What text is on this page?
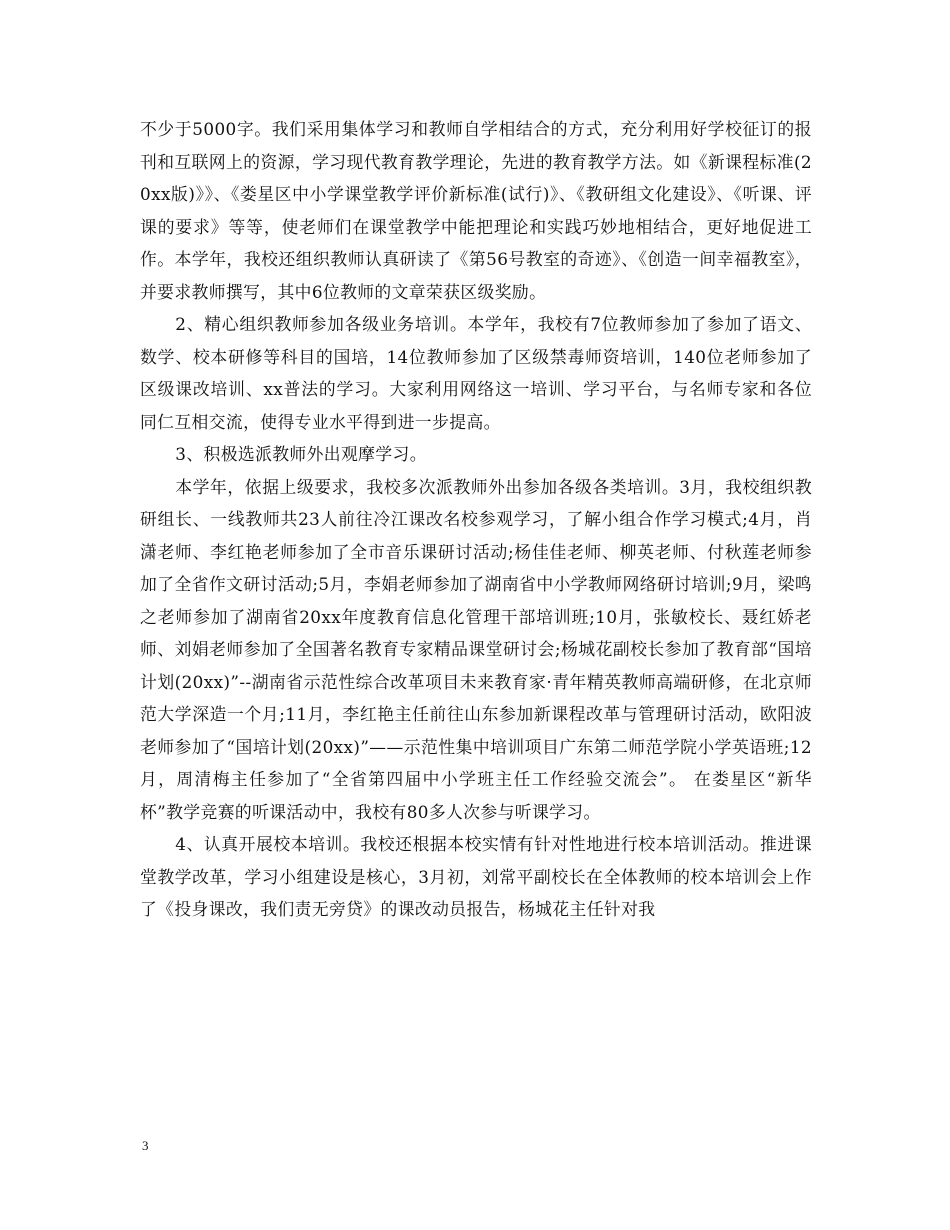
不少于5000字。我们采用集体学习和教师自学相结合的方式，充分利用好学校征订的报刊和互联网上的资源，学习现代教育教学理论，先进的教育教学方法。如《新课程标准(20xx版)》》、《娄星区中小学课堂教学评价新标准(试行)》、《教研组文化建设》、《听课、评课的要求》等等，使老师们在课堂教学中能把理论和实践巧妙地相结合，更好地促进工作。本学年，我校还组织教师认真研读了《第56号教室的奇迹》、《创造一间幸福教室》，并要求教师撰写，其中6位教师的文章荣获区级奖励。

2、精心组织教师参加各级业务培训。本学年，我校有7位教师参加了参加了语文、数学、校本研修等科目的国培，14位教师参加了区级禁毒师资培训，140位老师参加了区级课改培训、xx普法的学习。大家利用网络这一培训、学习平台，与名师专家和各位同仁互相交流，使得专业水平得到进一步提高。

3、积极选派教师外出观摩学习。

本学年，依据上级要求，我校多次派教师外出参加各级各类培训。3月，我校组织教研组长、一线教师共23人前往冷江课改名校参观学习，了解小组合作学习模式;4月，肖潇老师、李红艳老师参加了全市音乐课研讨活动;杨佳佳老师、柳英老师、付秋莲老师参加了全省作文研讨活动;5月，李娟老师参加了湖南省中小学教师网络研讨培训;9月，梁鸣之老师参加了湖南省20xx年度教育信息化管理干部培训班;10月，张敏校长、聂红娇老师、刘娟老师参加了全国著名教育专家精品课堂研讨会;杨城花副校长参加了教育部“国培计划(20xx)”--湖南省示范性综合改革项目未来教育家·青年精英教师高端研修，在北京师范大学深造一个月;11月，李红艳主任前往山东参加新课程改革与管理研讨活动，欧阳波老师参加了“国培计划(20xx)”——示范性集中培训项目广东第二师范学院小学英语班;12月，周清梅主任参加了“全省第四届中小学班主任工作经验交流会”。 在娄星区“新华杯”教学竞赛的听课活动中，我校有80多人次参与听课学习。

4、认真开展校本培训。我校还根据本校实情有针对性地进行校本培训活动。推进课堂教学改革，学习小组建设是核心，3月初，刘常平副校长在全体教师的校本培训会上作了《投身课改，我们责无旁贷》的课改动员报告，杨城花主任针对我

3
